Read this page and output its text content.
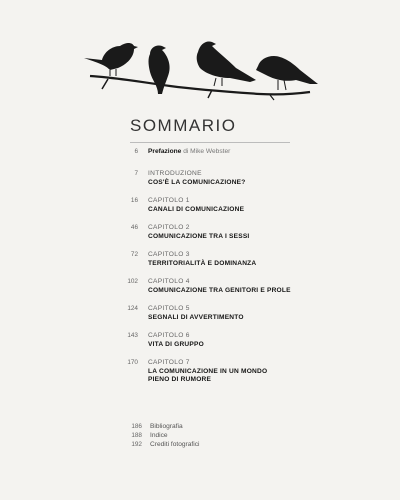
SOMMARIO
6 Prefazione di Mike Webster
7 INTRODUZIONE
COS'È LA COMUNICAZIONE?
16 CAPITOLO 1
CANALI DI COMUNICAZIONE
46 CAPITOLO 2
COMUNICAZIONE TRA I SESSI
72 CAPITOLO 3
TERRITORIALITÀ E DOMINANZA
102 CAPITOLO 4
COMUNICAZIONE TRA GENITORI E PROLE
124 CAPITOLO 5
SEGNALI DI AVVERTIMENTO
143 CAPITOLO 6
VITA DI GRUPPO
170 CAPITOLO 7
LA COMUNICAZIONE IN UN MONDO
PIENO DI RUMORE
186 Bibliografia
188 Indice
192 Crediti fotografici
